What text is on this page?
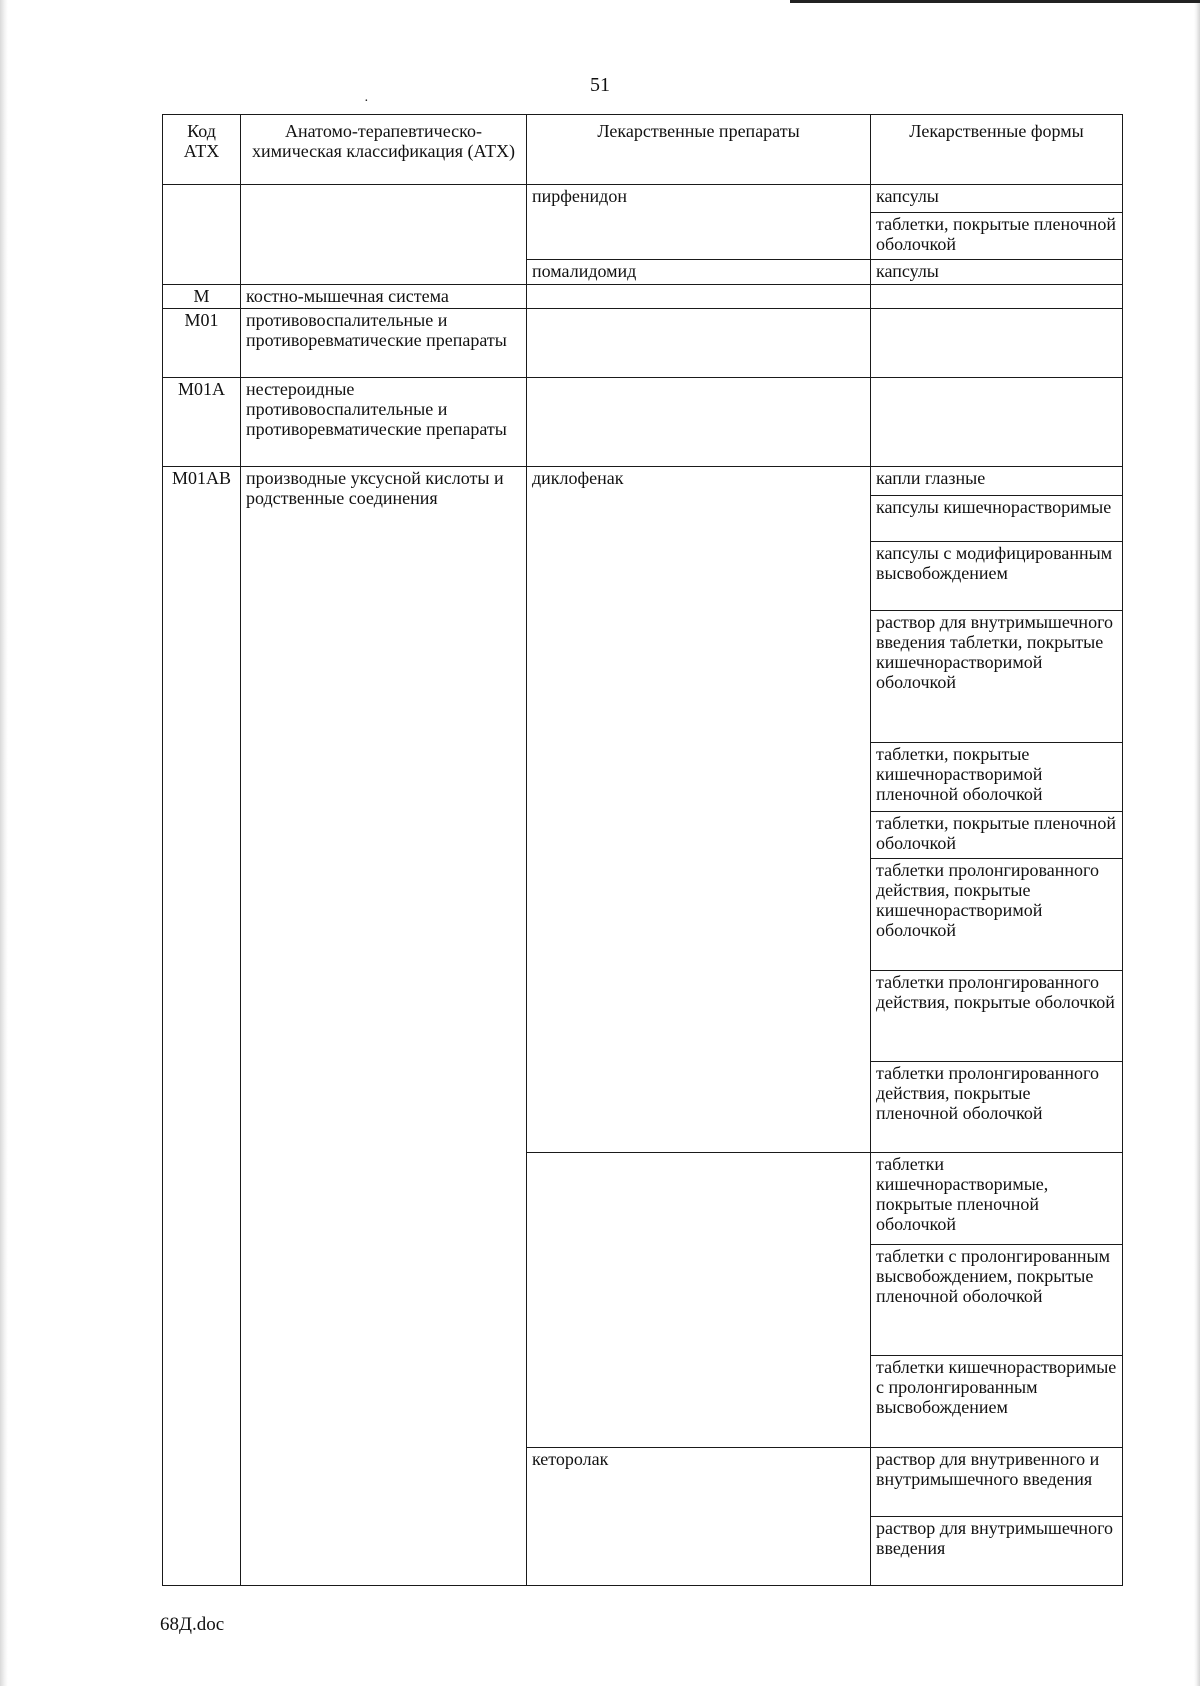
51
·
Код АТХ	Анатомо-терапевтическо-химическая классификация (АТХ)	Лекарственные препараты	Лекарственные формы
		пирфенидон	капсулы
			таблетки, покрытые пленочной оболочкой
		помалидомид	капсулы
M	костно-мышечная система		
M01	противовоспалительные и противоревматические препараты		
M01A	нестероидные противовоспалительные и противоревматические препараты		
M01AB	производные уксусной кислоты и родственные соединения	диклофенак	капли глазные
			капсулы кишечнорастворимые
			капсулы с модифицированным высвобождением
			раствор для внутримышечного введения таблетки, покрытые кишечнорастворимой оболочкой
			таблетки, покрытые кишечнорастворимой пленочной оболочкой
			таблетки, покрытые пленочной оболочкой
			таблетки пролонгированного действия, покрытые кишечнорастворимой оболочкой
			таблетки пролонгированного действия, покрытые оболочкой
			таблетки пролонгированного действия, покрытые пленочной оболочкой
			таблетки кишечнорастворимые, покрытые пленочной оболочкой
			таблетки с пролонгированным высвобождением, покрытые пленочной оболочкой
			таблетки кишечнорастворимые с пролонгированным высвобождением
		кеторолак	раствор для внутривенного и внутримышечного введения
			раствор для внутримышечного введения
68Д.doc
